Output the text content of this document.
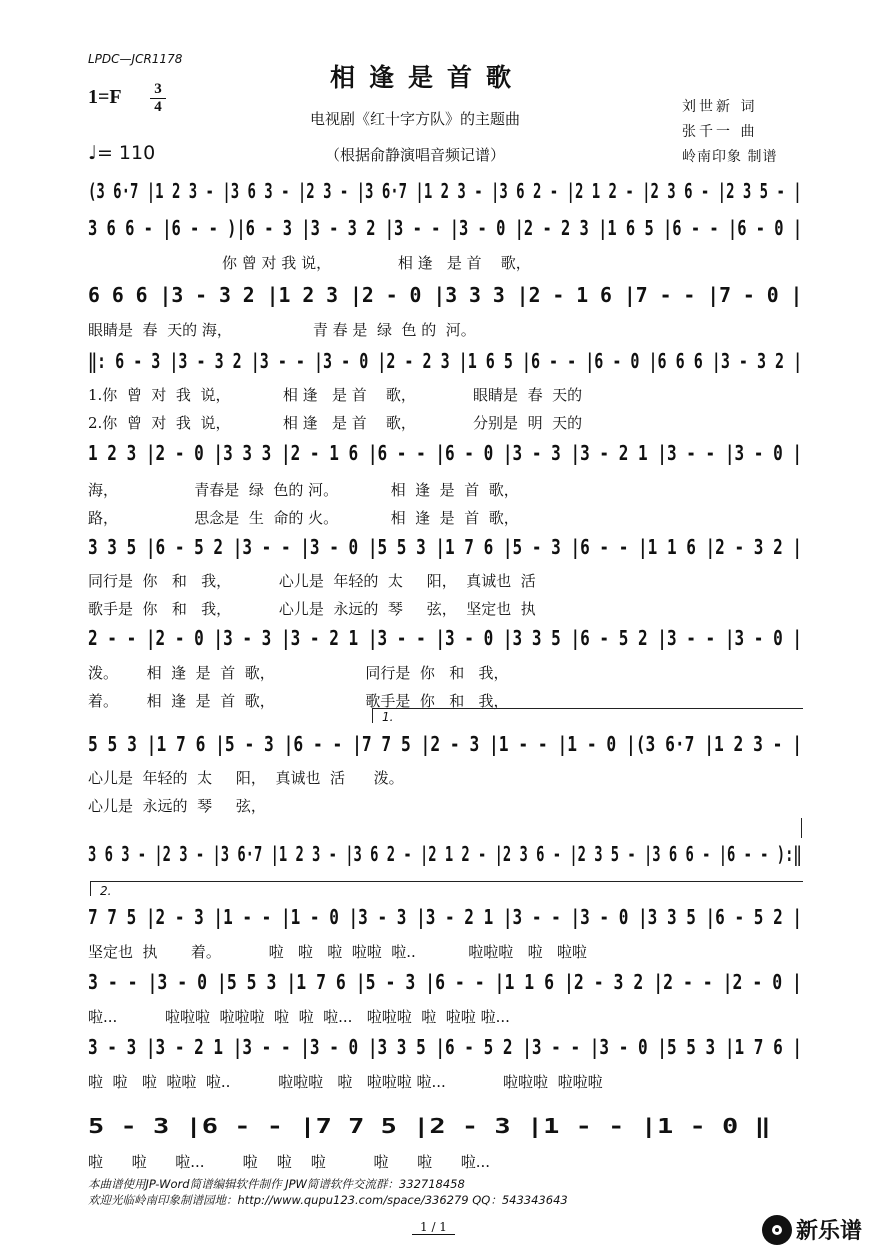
LPDC—JCR1178
相逢是首歌
1=F 3
4
电视剧《红十字方队》的主题曲
♩= 110	（根据俞静演唱音频记谱）
刘世新 词
张千一 曲
岭南印象 制谱
(3 6·7 |1 2 3 - |3 6 3 - |2 3 - |3 6·7 |1 2 3 - |3 6 2 - |2 1 2 - |2 3 6 - |2 3 5 - |
3 6 6 - |6 - - )|6 - 3 |3 - 3 2 |3 - - |3 - 0 |2 - 2 3 |1 6 5 |6 - - |6 - 0 |
6 6 6 |3 - 3 2 |1 2 3 |2 - 0 |3 3 3 |2 - 1 6 |7 - - |7 - 0 |
‖: 6 - 3 |3 - 3 2 |3 - - |3 - 0 |2 - 2 3 |1 6 5 |6 - - |6 - 0 |6 6 6 |3 - 3 2 |
1 2 3 |2 - 0 |3 3 3 |2 - 1 6 |6 - - |6 - 0 |3 - 3 |3 - 2 1 |3 - - |3 - 0 |
3 3 5 |6 - 5 2 |3 - - |3 - 0 |5 5 3 |1 7 6 |5 - 3 |6 - - |1 1 6 |2 - 3 2 |
2 - - |2 - 0 |3 - 3 |3 - 2 1 |3 - - |3 - 0 |3 3 5 |6 - 5 2 |3 - - |3 - 0 |
5 5 3 |1 7 6 |5 - 3 |6 - - |7 7 5 |2 - 3 |1 - - |1 - 0 |(3 6·7 |1 2 3 - |
3 6 3 - |2 3 - |3 6·7 |1 2 3 - |3 6 2 - |2 1 2 - |2 3 6 - |2 3 5 - |3 6 6 - |6 - - ):‖
7 7 5 |2 - 3 |1 - - |1 - 0 |3 - 3 |3 - 2 1 |3 - - |3 - 0 |3 3 5 |6 - 5 2 |
3 - - |3 - 0 |5 5 3 |1 7 6 |5 - 3 |6 - - |1 1 6 |2 - 3 2 |2 - - |2 - 0 |
3 - 3 |3 - 2 1 |3 - - |3 - 0 |3 3 5 |6 - 5 2 |3 - - |3 - 0 |5 5 3 |1 7 6 |
5 - 3 |6 - - |7 7 5 |2 - 3 |1 - - |1 - 0 ‖
你 曾 对 我 说，              相 逢   是 首    歌，
眼睛是  春  天的 海，                 青 春 是  绿  色 的  河。
1.你  曾  对  我  说，           相 逢   是 首    歌，            眼睛是  春  天的
2.你  曾  对  我  说，           相 逢   是 首    歌，            分别是  明  天的
海，                青春是  绿  色的 河。           相  逢  是  首  歌，
路，                思念是  生  命的 火。           相  逢  是  首  歌，
同行是  你   和   我，          心儿是  年轻的  太     阳，  真诚也  活
歌手是  你   和   我，          心儿是  永远的  琴     弦，  坚定也  执
泼。      相  逢  是  首  歌，                   同行是  你   和   我，
着。      相  逢  是  首  歌，                   歌手是  你   和   我，
心儿是  年轻的  太     阳，  真诚也  活      泼。
心儿是  永远的  琴     弦，
坚定也  执       着。          啦   啦   啦  啦啦  啦..           啦啦啦   啦   啦啦
啦...          啦啦啦  啦啦啦  啦  啦  啦...   啦啦啦  啦  啦啦 啦...
啦  啦   啦  啦啦  啦..          啦啦啦   啦   啦啦啦 啦...            啦啦啦  啦啦啦
啦      啦      啦...        啦    啦    啦          啦      啦      啦...
1.
2.
本曲谱使用JP-Word简谱编辑软件制作 JPW简谱软件交流群：332718458
欢迎光临岭南印象制谱园地：http://www.qupu123.com/space/336279 QQ：543343643
1 / 1	新乐谱
